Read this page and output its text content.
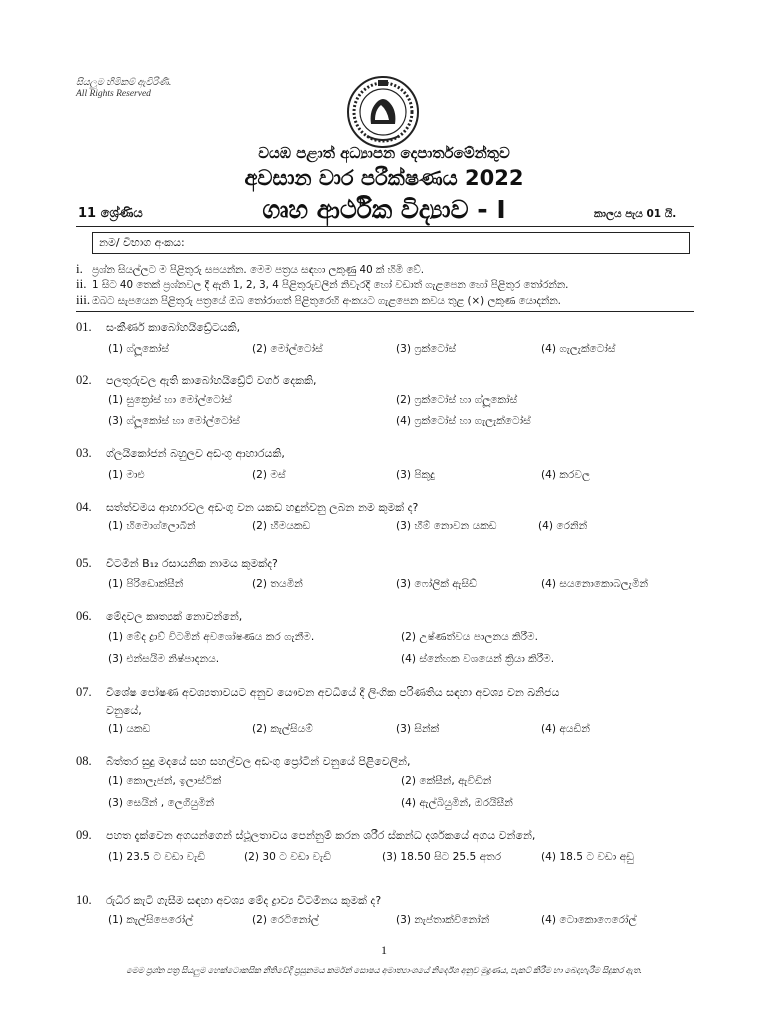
සියලුම හිමිකම් ඇවිරිණි.
All Rights Reserved
වයඹ පළාත් අධ්‍යාපන දෙපාර්තමේන්තුව
අවසාන වාර පරීක්ෂණය 2022
11 ශ්‍රේණිය	ගෘහ ආර්ථික විද්‍යාව - I	කාලය පැය 01 යි.
නම/ විභාග අංකය:
i. ප්‍රශ්න සියල්ලට ම පිළිතුරු සපයන්න. මෙම පත්‍රය සඳහා ලකුණු 40 ක් හිමි වේ.
ii. 1 සිට 40 තෙක් ප්‍රශ්නවල දී ඇති 1, 2, 3, 4 පිළිතුරුවලින් නිවැරදි හෝ වඩාත් ගැළපෙන හෝ පිළිතුර තෝරන්න.
iii. ඔබට සැපයෙන පිළිතුරු පත්‍රයේ ඔබ තෝරාගත් පිළිතුරෙහි අංකයට ගැළපෙන කවය තුළ (×) ලකුණ යොදන්න.
01. සංකීර්ණ කාබෝහයිඩ්‍රේටයකි,
(1) ග්ලූකෝස්	(2) මෝල්ටෝස්	(3) ෆ්‍රක්ටෝස්	(4) ගැලැක්ටෝස්
02. පලතුරුවල ඇති කාබෝහයිඩ්‍රේට් වර්ග දෙකකි,
(1) සුක්‍රෝස් හා මෝල්ටෝස්	(2) ෆ්‍රක්ටෝස් හා ග්ලූකෝස්
(3) ග්ලූකෝස් හා මෝල්ටෝස්	(4) ෆ්‍රක්ටෝස් හා ගැලැක්ටෝස්
03. ග්ලයිකෝජන් බහුලව අඩංගු ආහාරයකි,
(1) මාළු	(2) මස්	(3) පිකුදු	(4) කරවල
04. සත්ත්වමය ආහාරවල අඩංගු වන යකඩ හඳුන්වනු ලබන නම කුමක් ද?
(1) හිමොග්ලොබීන්	(2) හීමයකඩ	(3) හීම් නොවන යකඩ	(4) රෙනින්
05. විටමින් B₁₂ රසායනික නාමය කුමක්ද?
(1) පිරිඩොක්සීන්	(2) තයමින්	(3) ෆෝලික් ඇසිඩ්	(4) සයනොකොබලැමින්
06. මේදවල කෘත්‍යක් නොවන්නේ,
(1) මේද ද්‍රාව් විටමින් අවශෝෂණය කර ගැනීම.	(2) උෂ්ණත්වය පාලනය කිරීම.
(3) එන්සයිම නිෂ්පාදනය.	(4) ස්නේහක වශයෙන් ක්‍රියා කිරීම.
07. විශේෂ පෝෂණ අවශ්‍යතාවයට අනුව යෞවන අවධියේ දී ලිංගික පරිණතිය සඳහා අවශ්‍ය වන ඛනිජය
වනුයේ,
(1) යකඩ	(2) කැල්සියම්	(3) සින්ක්	(4) අයඩින්
08. බිත්තර සුදු මදයේ සහ සහල්වල අඩංගු ප්‍රෝටීන් වනුයේ පිළිවෙලින්,
(1) කොලැජන්, ඉලාස්ටික්	(2) කේසීන්, ඇවිඩින්
(3) සෙයින් , ලෙගියුමින්	(4) ඇල්බියුමින්, ඔරයිසීන්
09. පහත දැක්වෙන අගයන්ගෙන් ස්ථූලතාවය පෙන්නුම් කරන ශරීර ස්කන්ධ දර්ශකයේ අගය වන්නේ,
(1) 23.5 ට වඩා වැඩි	(2) 30 ට වඩා වැඩි	(3) 18.50 සිට 25.5 අතර	(4) 18.5 ට වඩා අඩු
10. රුධිර කැටි ගැසීම සඳහා අවශ්‍ය මේද ද්‍රාව්‍ය විටමිනය කුමක් ද?
(1) කැල්සිපෙරෝල්	(2) රෙටිනෝල්	(3) නැප්තාක්විනෝන්	(4) ටොකොෆෙරෝල්
1
මෙම ප්‍රශ්න පත්‍ර සියලුම හෙක්ටොකසික නීතිවේදී ප්‍රසුනමය කර්මන් සොෂය අමාත්‍යාංශයේ නිර්දේශ අනුව මුද්‍රණය, පැකට් කිරීම හා බෙදාහැරීම සිදුකර ඇත.
